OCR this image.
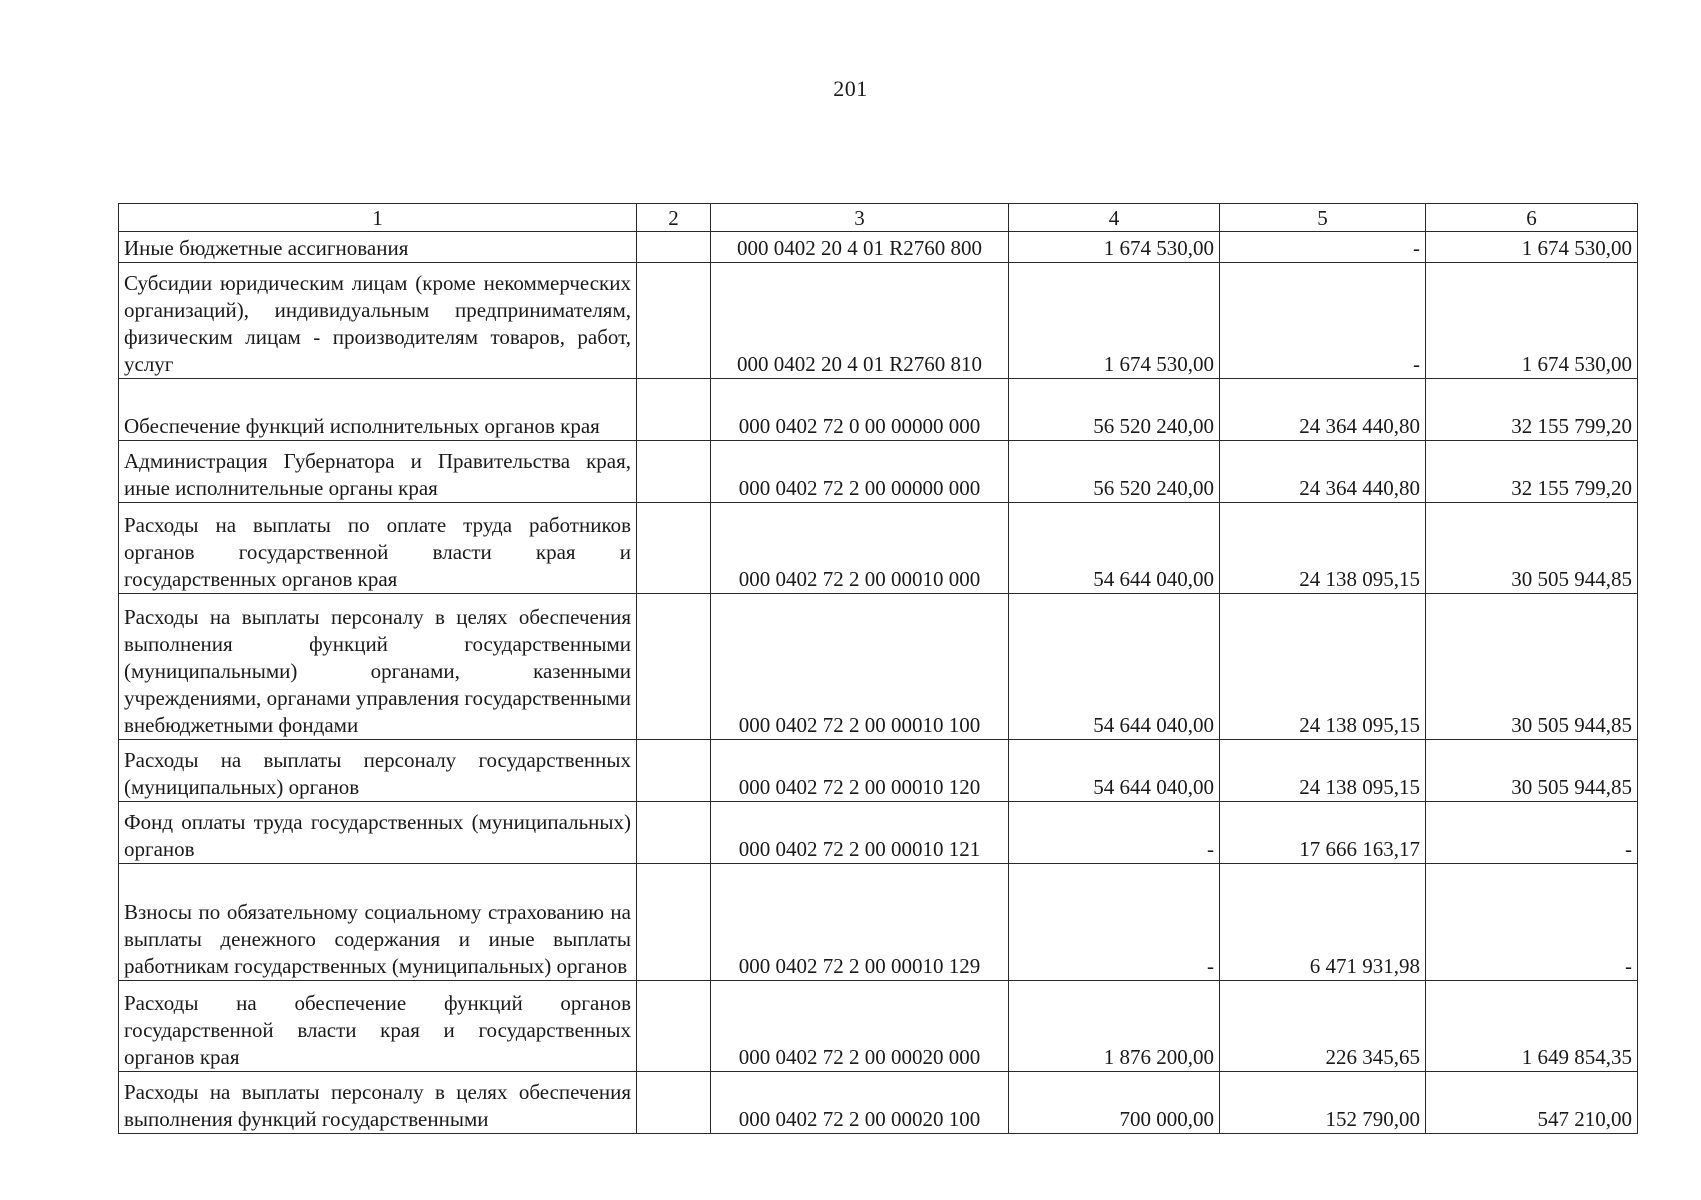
201
1	2	3	4	5	6
Иные бюджетные ассигнования		000 0402 20 4 01 R2760 800	1 674 530,00	-	1 674 530,00
Субсидии юридическим лицам (кроме некоммерческих организаций), индивидуальным предпринимателям, физическим лицам - производителям товаров, работ, услуг		000 0402 20 4 01 R2760 810	1 674 530,00	-	1 674 530,00
Обеспечение функций исполнительных органов края		000 0402 72 0 00 00000 000	56 520 240,00	24 364 440,80	32 155 799,20
Администрация Губернатора и Правительства края, иные исполнительные органы края		000 0402 72 2 00 00000 000	56 520 240,00	24 364 440,80	32 155 799,20
Расходы на выплаты по оплате труда работников органов государственной власти края и государственных органов края		000 0402 72 2 00 00010 000	54 644 040,00	24 138 095,15	30 505 944,85
Расходы на выплаты персоналу в целях обеспечения выполнения функций государственными (муниципальными) органами, казенными учреждениями, органами управления государственными внебюджетными фондами		000 0402 72 2 00 00010 100	54 644 040,00	24 138 095,15	30 505 944,85
Расходы на выплаты персоналу государственных (муниципальных) органов		000 0402 72 2 00 00010 120	54 644 040,00	24 138 095,15	30 505 944,85
Фонд оплаты труда государственных (муниципальных) органов		000 0402 72 2 00 00010 121	-	17 666 163,17	-
Взносы по обязательному социальному страхованию на выплаты денежного содержания и иные выплаты работникам государственных (муниципальных) органов		000 0402 72 2 00 00010 129	-	6 471 931,98	-
Расходы на обеспечение функций органов государственной власти края и государственных органов края		000 0402 72 2 00 00020 000	1 876 200,00	226 345,65	1 649 854,35
Расходы на выплаты персоналу в целях обеспечения выполнения функций государственными		000 0402 72 2 00 00020 100	700 000,00	152 790,00	547 210,00
